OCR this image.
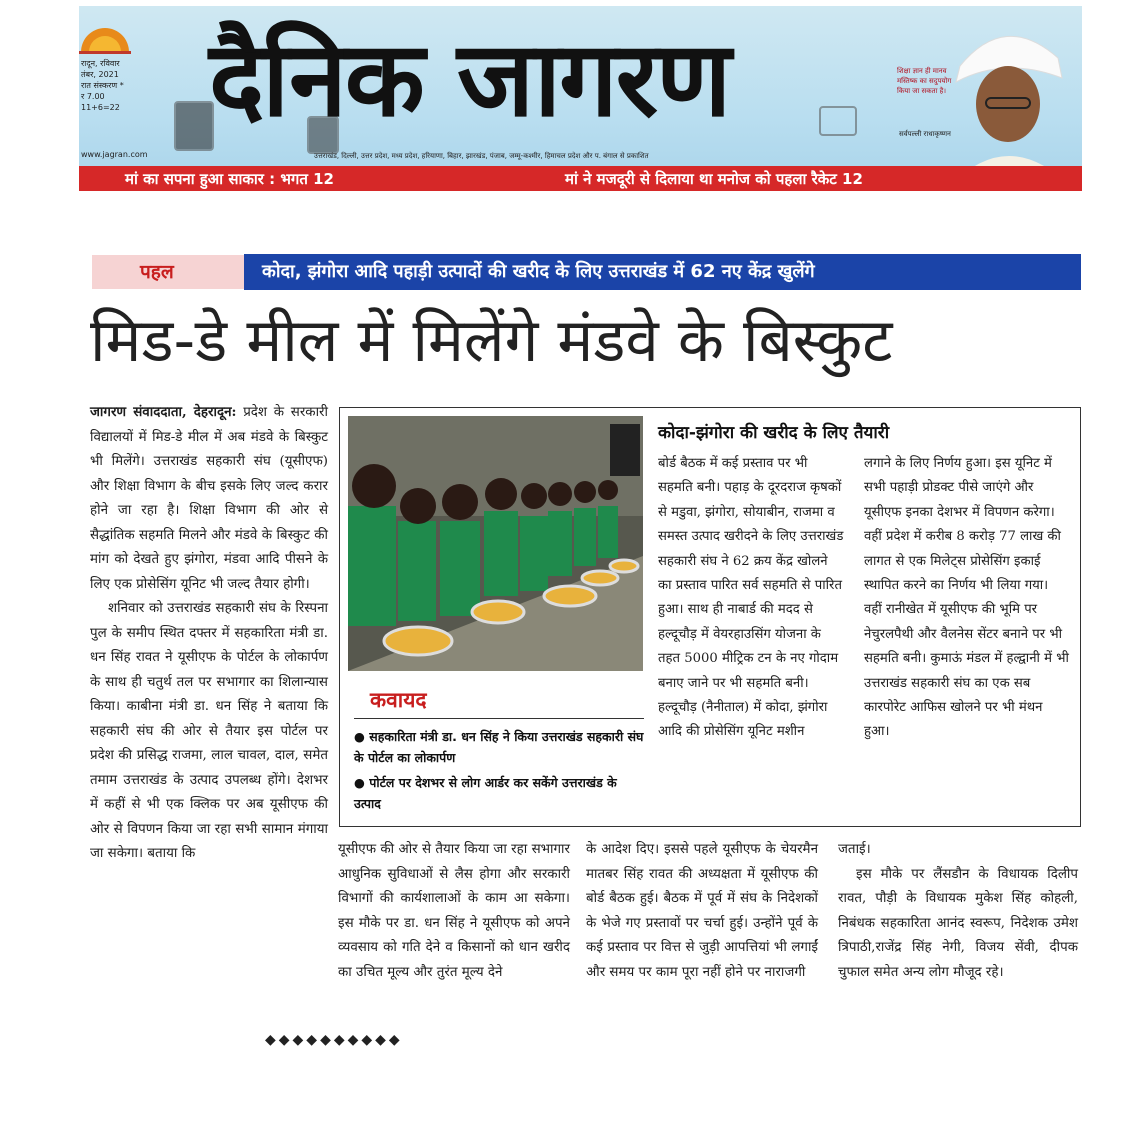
रादून, रविवार
तंबर, 2021
रात संस्करण *
र 7.00
11+6=22
www.jagran.com
दैनिक जागरण
उत्तराखंड, दिल्ली, उत्तर प्रदेश, मध्य प्रदेश, हरियाणा, बिहार, झारखंड, पंजाब, जम्मू-कश्मीर, हिमाचल प्रदेश और प. बंगाल से प्रकाशित
शिक्षा ज्ञान ही मानव मस्तिष्क का सदुपयोग किया जा सकता है।
सर्वपल्ली राधाकृष्णन
मां का सपना हुआ साकार : भगत 12	मां ने मजदूरी से दिलाया था मनोज को पहला रैकेट 12
पहल	कोदा, झंगोरा आदि पहाड़ी उत्पादों की खरीद के लिए उत्तराखंड में 62 नए केंद्र खुलेंगे
मिड-डे मील में मिलेंगे मंडवे के बिस्कुट

जागरण संवाददाता, देहरादून: प्रदेश के सरकारी विद्यालयों में मिड-डे मील में अब मंडवे के बिस्कुट भी मिलेंगे। उत्तराखंड सहकारी संघ (यूसीएफ) और शिक्षा विभाग के बीच इसके लिए जल्द करार होने जा रहा है। शिक्षा विभाग की ओर से सैद्धांतिक सहमति मिलने और मंडवे के बिस्कुट की मांग को देखते हुए झंगोरा, मंडवा आदि पीसने के लिए एक प्रोसेसिंग यूनिट भी जल्द तैयार होगी।

शनिवार को उत्तराखंड सहकारी संघ के रिस्पना पुल के समीप स्थित दफ्तर में सहकारिता मंत्री डा. धन सिंह रावत ने यूसीएफ के पोर्टल के लोकार्पण के साथ ही चतुर्थ तल पर सभागार का शिलान्यास किया। काबीना मंत्री डा. धन सिंह ने बताया कि सहकारी संघ की ओर से तैयार इस पोर्टल पर प्रदेश की प्रसिद्ध राजमा, लाल चावल, दाल, समेत तमाम उत्तराखंड के उत्पाद उपलब्ध होंगे। देशभर में कहीं से भी एक क्लिक पर अब यूसीएफ की ओर से विपणन किया जा रहा सभी सामान मंगाया जा सकेगा। बताया कि

कोदा-झंगोरा की खरीद के लिए तैयारी
कवायद
● सहकारिता मंत्री डा. धन सिंह ने किया उत्तराखंड सहकारी संघ के पोर्टल का लोकार्पण
● पोर्टल पर देशभर से लोग आर्डर कर सकेंगे उत्तराखंड के उत्पाद

बोर्ड बैठक में कई प्रस्ताव पर भी सहमति बनी। पहाड़ के दूरदराज कृषकों से मडुवा, झंगोरा, सोयाबीन, राजमा व समस्त उत्पाद खरीदने के लिए उत्तराखंड सहकारी संघ ने 62 क्रय केंद्र खोलने का प्रस्ताव पारित सर्व सहमति से पारित हुआ। साथ ही नाबार्ड की मदद से हल्दूचौड़ में वेयरहाउसिंग योजना के तहत 5000 मीट्रिक टन के नए गोदाम बनाए जाने पर भी सहमति बनी। हल्दूचौड़ (नैनीताल) में कोदा, झंगोरा आदि की प्रोसेसिंग यूनिट मशीन

लगाने के लिए निर्णय हुआ। इस यूनिट में सभी पहाड़ी प्रोडक्ट पीसे जाएंगे और यूसीएफ इनका देशभर में विपणन करेगा। वहीं प्रदेश में करीब 8 करोड़ 77 लाख की लागत से एक मिलेट्स प्रोसेसिंग इकाई स्थापित करने का निर्णय भी लिया गया। वहीं रानीखेत में यूसीएफ की भूमि पर नेचुरलपैथी और वैलनेस सेंटर बनाने पर भी सहमति बनी। कुमाऊं मंडल में हल्द्वानी में भी उत्तराखंड सहकारी संघ का एक सब कारपोरेट आफिस खोलने पर भी मंथन हुआ।

यूसीएफ की ओर से तैयार किया जा रहा सभागार आधुनिक सुविधाओं से लैस होगा और सरकारी विभागों की कार्यशालाओं के काम आ सकेगा। इस मौके पर डा. धन सिंह ने यूसीएफ को अपने व्यवसाय को गति देने व किसानों को धान खरीद का उचित मूल्य और तुरंत मूल्य देने

के आदेश दिए। इससे पहले यूसीएफ के चेयरमैन मातबर सिंह रावत की अध्यक्षता में यूसीएफ की बोर्ड बैठक हुई। बैठक में पूर्व में संघ के निदेशकों के भेजे गए प्रस्तावों पर चर्चा हुई। उन्होंने पूर्व के कई प्रस्ताव पर वित्त से जुड़ी आपत्तियां भी लगाईं और समय पर काम पूरा नहीं होने पर नाराजगी

जताई।

इस मौके पर लैंसडौन के विधायक दिलीप रावत, पौड़ी के विधायक मुकेश सिंह कोहली, निबंधक सहकारिता आनंद स्वरूप, निदेशक उमेश त्रिपाठी,राजेंद्र सिंह नेगी, विजय सेंवी, दीपक चुफाल समेत अन्य लोग मौजूद रहे।

◆◆◆◆◆◆◆◆◆◆
